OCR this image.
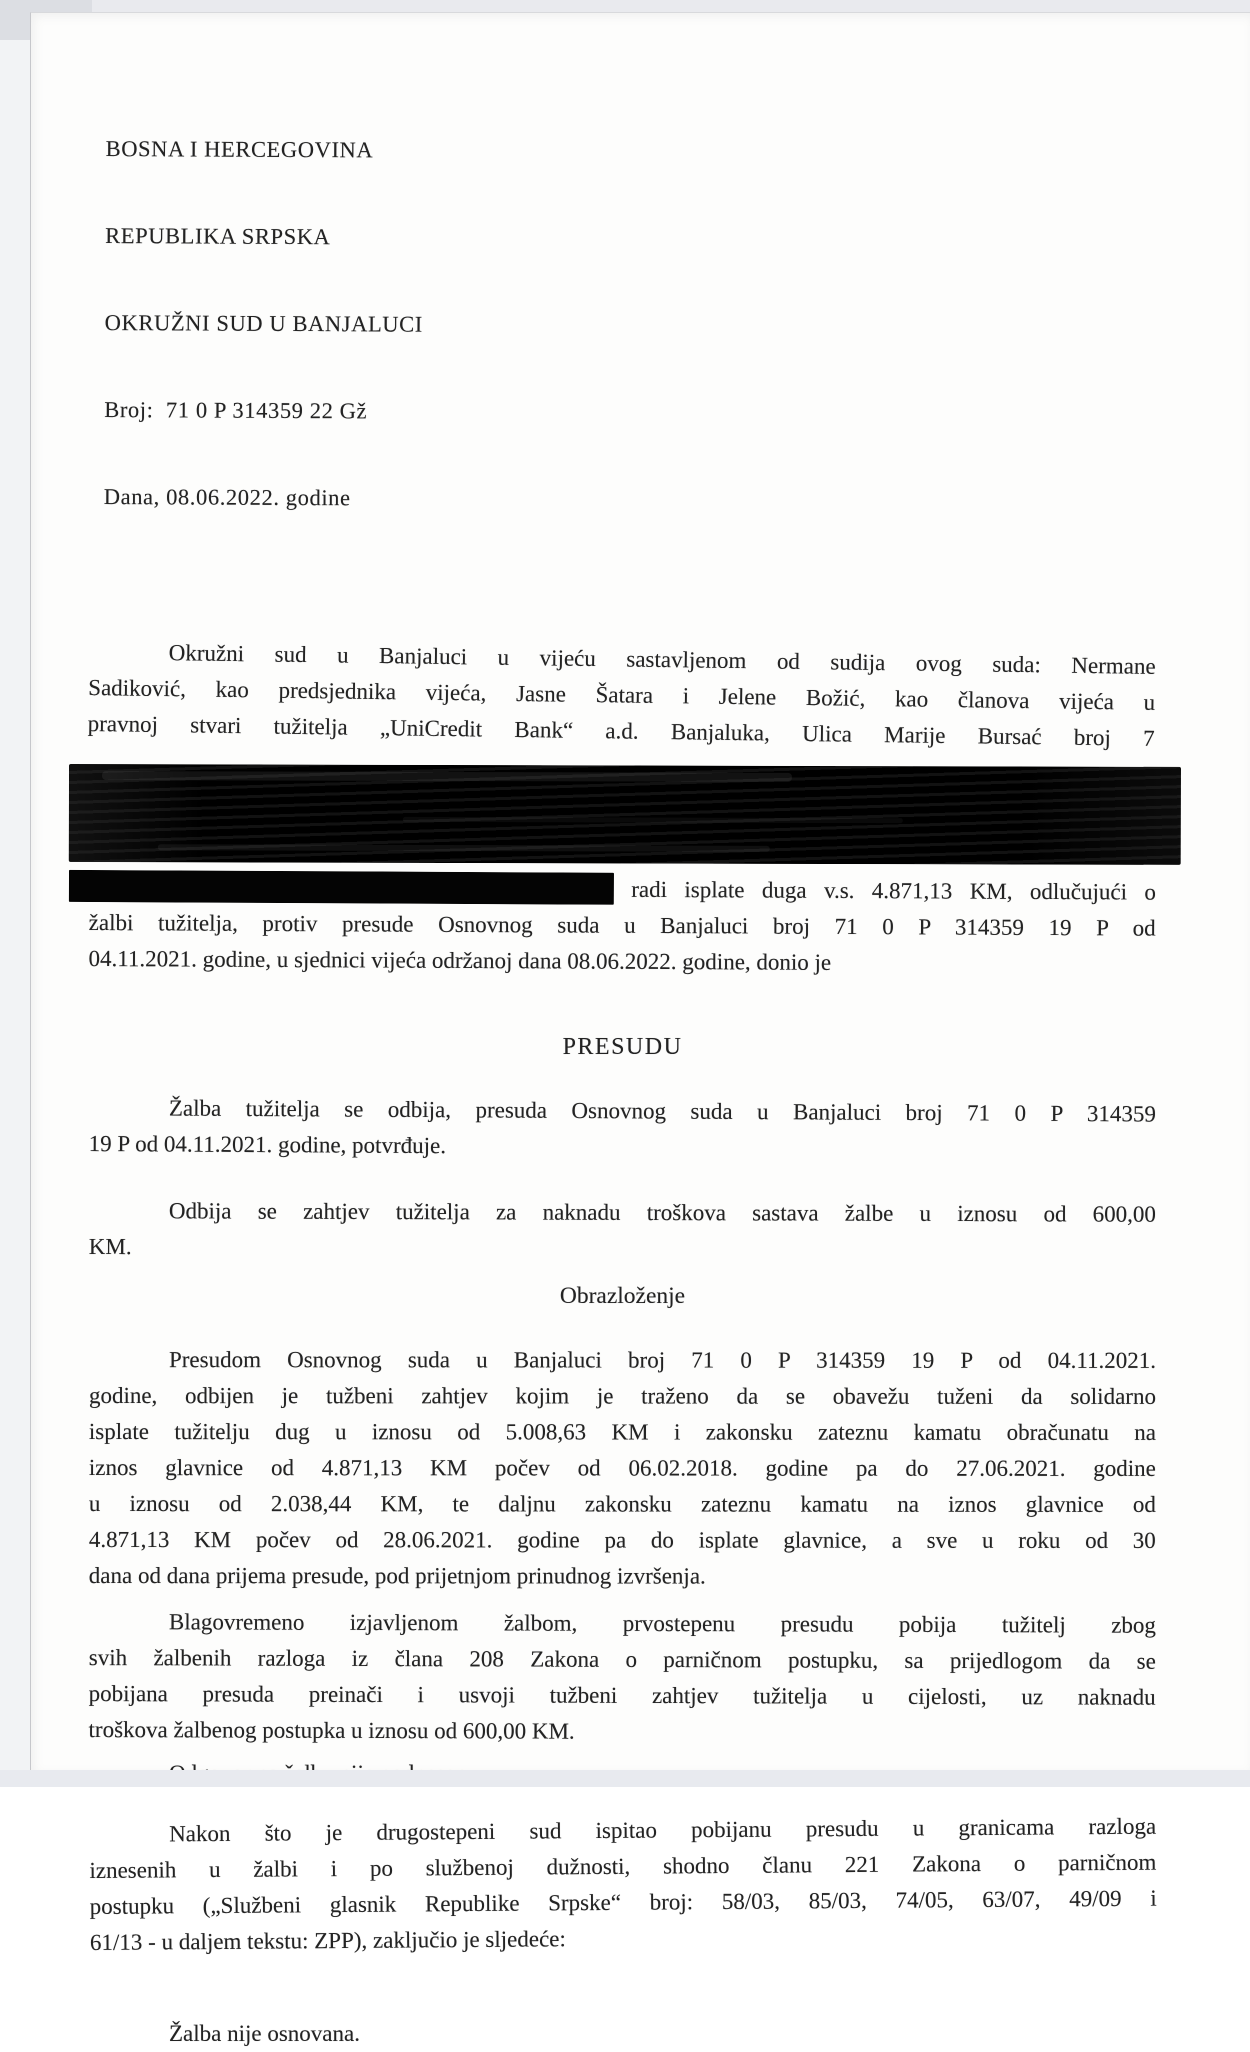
BOSNA I HERCEGOVINA

REPUBLIKA SRPSKA

OKRUŽNI SUD U BANJALUCI

Broj:  71 0 P 314359 22 Gž

Dana, 08.06.2022. godine

Okružni sud u Banjaluci u vijeću sastavljenom od sudija ovog suda: Nermane
Sadiković, kao predsjednika vijeća, Jasne Šatara i Jelene Božić, kao članova vijeća u
pravnoj stvari tužitelja „UniCredit Bank“ a.d. Banjaluka, Ulica Marije Bursać broj 7
radi isplate duga v.s. 4.871,13 KM, odlučujući o
žalbi tužitelja, protiv presude Osnovnog suda u Banjaluci broj 71 0 P 314359 19 P od
04.11.2021. godine, u sjednici vijeća održanoj dana 08.06.2022. godine, donio je
PRESUDU
Žalba tužitelja se odbija, presuda Osnovnog suda u Banjaluci broj 71 0 P 314359
19 P od 04.11.2021. godine, potvrđuje.
Odbija se zahtjev tužitelja za naknadu troškova sastava žalbe u iznosu od 600,00
KM.
Obrazloženje
Presudom Osnovnog suda u Banjaluci broj 71 0 P 314359 19 P od 04.11.2021.
godine, odbijen je tužbeni zahtjev kojim je traženo da se obavežu tuženi da solidarno
isplate tužitelju dug u iznosu od 5.008,63 KM i zakonsku zateznu kamatu obračunatu na
iznos glavnice od 4.871,13 KM počev od 06.02.2018. godine pa do 27.06.2021. godine
u iznosu od 2.038,44 KM, te daljnu zakonsku zateznu kamatu na iznos glavnice od
4.871,13 KM počev od 28.06.2021. godine pa do isplate glavnice, a sve u roku od 30
dana od dana prijema presude, pod prijetnjom prinudnog izvršenja.
Blagovremeno izjavljenom žalbom, prvostepenu presudu pobija tužitelj zbog
svih žalbenih razloga iz člana 208 Zakona o parničnom postupku, sa prijedlogom da se
pobijana presuda preinači i usvoji tužbeni zahtjev tužitelja u cijelosti, uz naknadu
troškova žalbenog postupka u iznosu od 600,00 KM.
Nakon što je drugostepeni sud ispitao pobijanu presudu u granicama razloga
iznesenih u žalbi i po službenoj dužnosti, shodno članu 221 Zakona o parničnom
postupku („Službeni glasnik Republike Srpske“ broj: 58/03, 85/03, 74/05, 63/07, 49/09 i
61/13 - u daljem tekstu: ZPP), zaključio je sljedeće:
Žalba nije osnovana.
